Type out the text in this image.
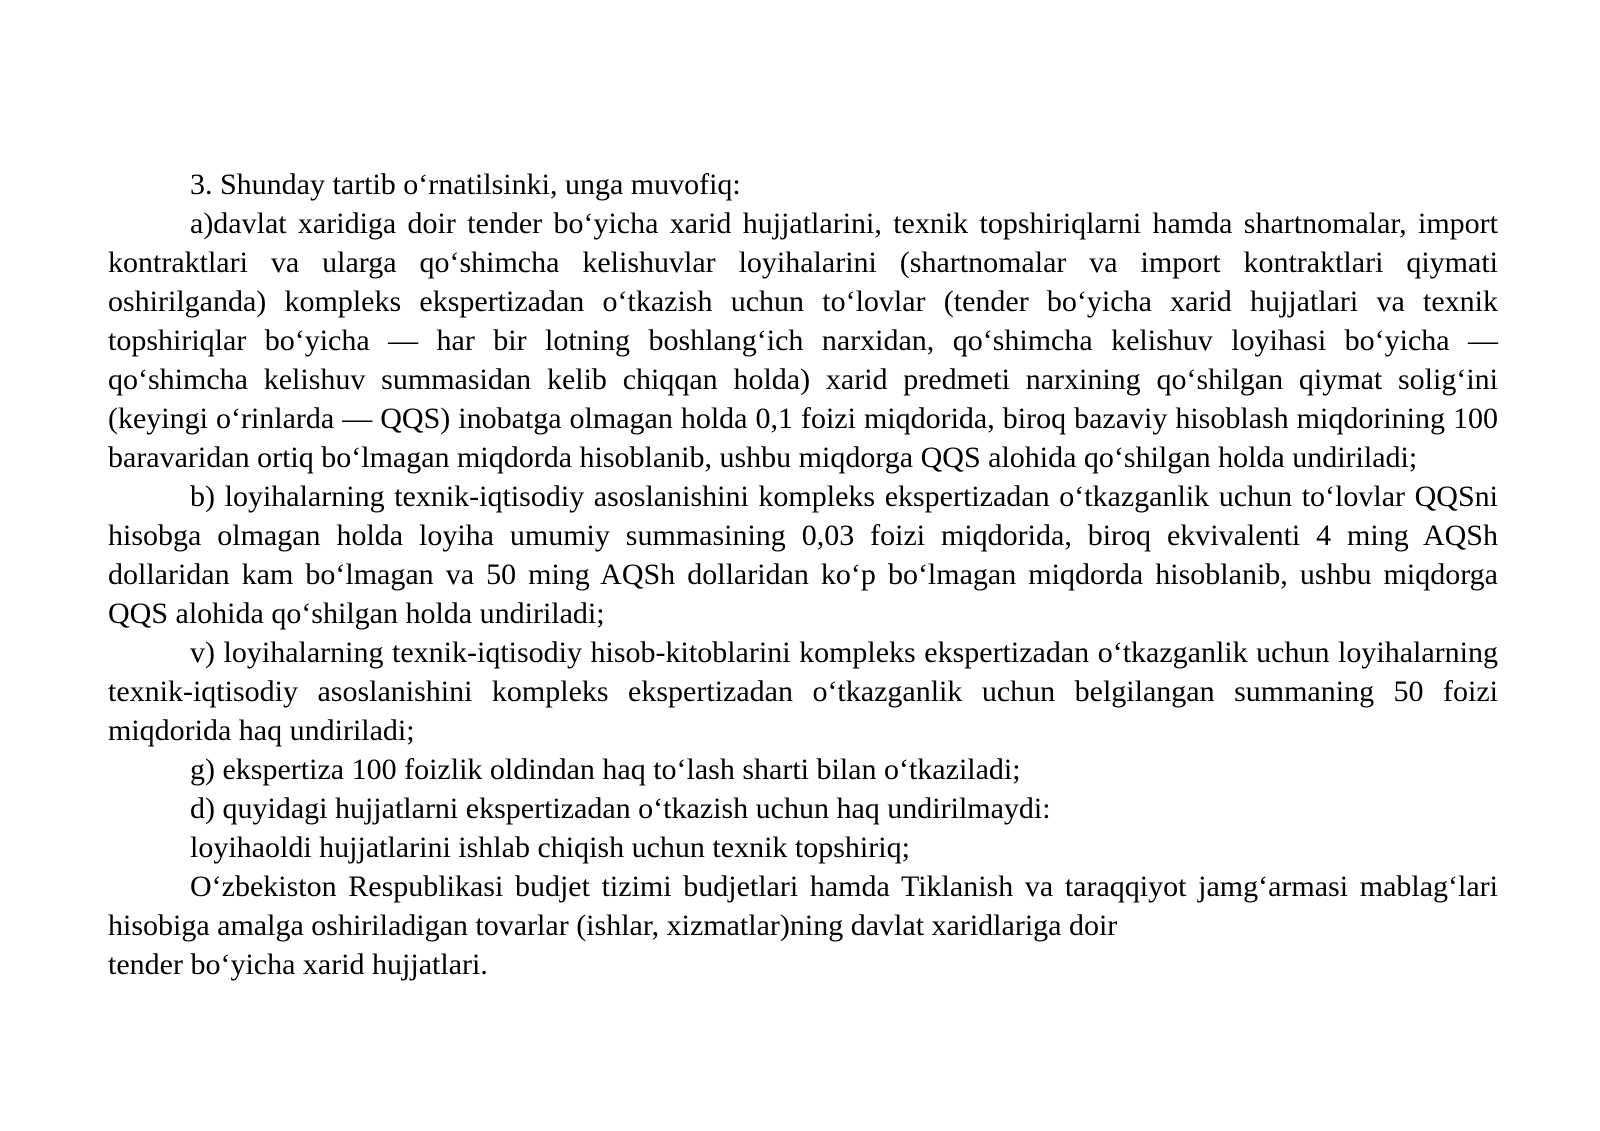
3. Shunday tartib o‘rnatilsinki, unga muvofiq:

a)davlat xaridiga doir tender bo‘yicha xarid hujjatlarini, texnik topshiriqlarni hamda shartnomalar, import kontraktlari va ularga qo‘shimcha kelishuvlar loyihalarini (shartnomalar va import kontraktlari qiymati oshirilganda) kompleks ekspertizadan o‘tkazish uchun to‘lovlar (tender bo‘yicha xarid hujjatlari va texnik topshiriqlar bo‘yicha — har bir lotning boshlang‘ich narxidan, qo‘shimcha kelishuv loyihasi bo‘yicha — qo‘shimcha kelishuv summasidan kelib chiqqan holda) xarid predmeti narxining qo‘shilgan qiymat solig‘ini (keyingi o‘rinlarda — QQS) inobatga olmagan holda 0,1 foizi miqdorida, biroq bazaviy hisoblash miqdorining 100 baravaridan ortiq bo‘lmagan miqdorda hisoblanib, ushbu miqdorga QQS alohida qo‘shilgan holda undiriladi;

b) loyihalarning texnik-iqtisodiy asoslanishini kompleks ekspertizadan o‘tkazganlik uchun to‘lovlar QQSni hisobga olmagan holda loyiha umumiy summasining 0,03 foizi miqdorida, biroq ekvivalenti 4 ming AQSh dollaridan kam bo‘lmagan va 50 ming AQSh dollaridan ko‘p bo‘lmagan miqdorda hisoblanib, ushbu miqdorga QQS alohida qo‘shilgan holda undiriladi;

v) loyihalarning texnik-iqtisodiy hisob-kitoblarini kompleks ekspertizadan o‘tkazganlik uchun loyihalarning texnik-iqtisodiy asoslanishini kompleks ekspertizadan o‘tkazganlik uchun belgilangan summaning 50 foizi miqdorida haq undiriladi;

g) ekspertiza 100 foizlik oldindan haq to‘lash sharti bilan o‘tkaziladi;

d) quyidagi hujjatlarni ekspertizadan o‘tkazish uchun haq undirilmaydi:

loyihaoldi hujjatlarini ishlab chiqish uchun texnik topshiriq;

O‘zbekiston Respublikasi budjet tizimi budjetlari hamda Tiklanish va taraqqiyot jamg‘armasi mablag‘lari hisobiga amalga oshiriladigan tovarlar (ishlar, xizmatlar)ning davlat xaridlariga doir

tender bo‘yicha xarid hujjatlari.
